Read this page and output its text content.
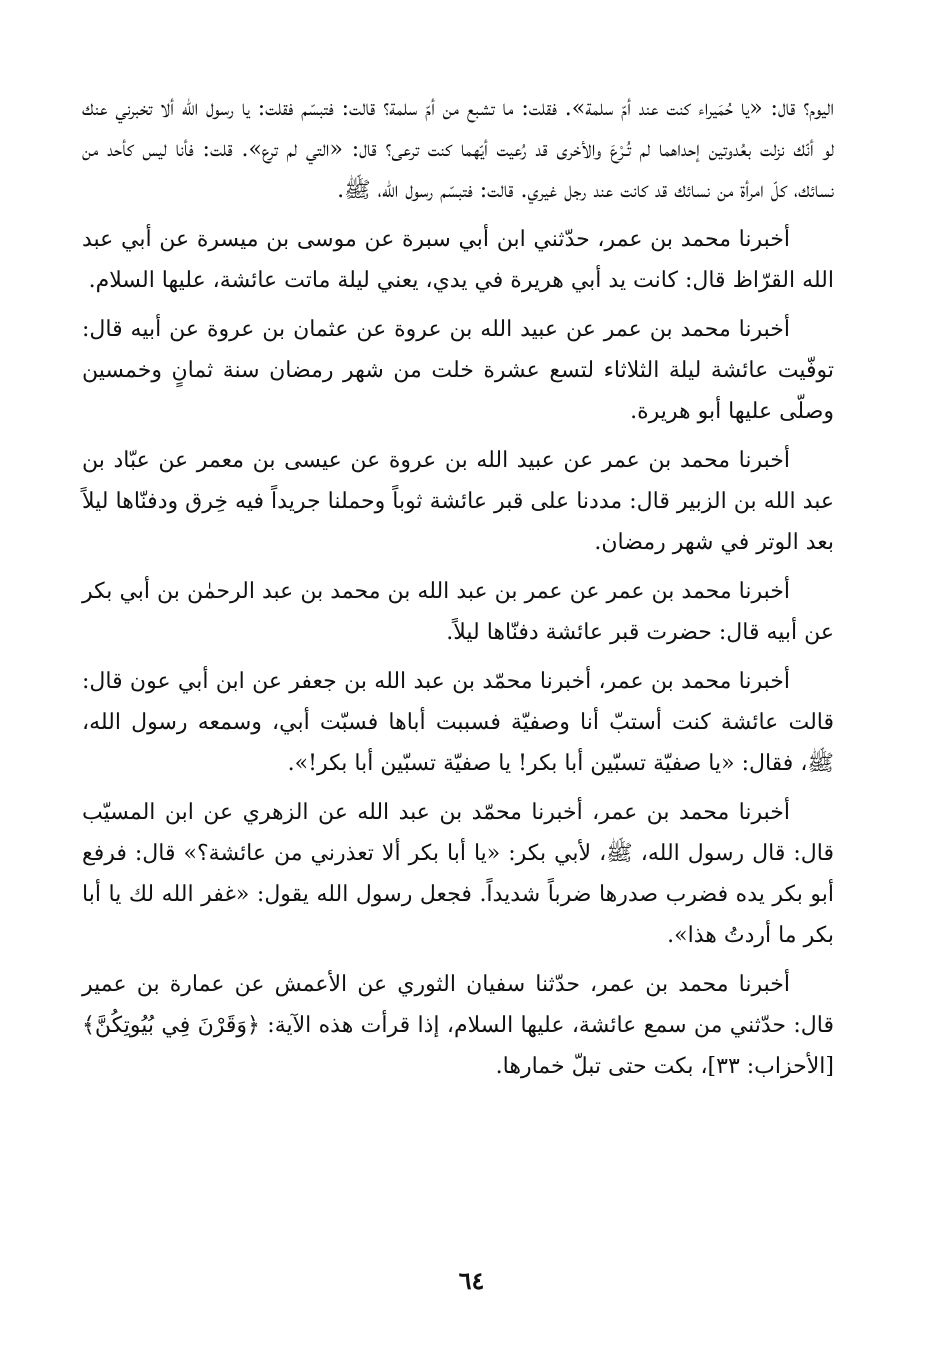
اليوم؟ قال: «يا حُمَيراء كنت عند أمّ سلمة». فقلت: ما تشبع من أمّ سلمة؟ قالت: فتبسّم فقلت: يا رسول الله ألا تخبرني عنك لو أنّك نزلت بعُدوتين إحداهما لم تُـرْعَ والأخرى قد رُعيت أيّهما كنت ترعى؟ قال: «التي لم ترع». قلت: فأنا ليس كأحد من نسائك، كلّ امرأة من نسائك قد كانت عند رجل غيري. قالت: فتبسّم رسول الله، ﷺ.

أخبرنا محمد بن عمر، حدّثني ابن أبي سبرة عن موسى بن ميسرة عن أبي عبد الله القرّاظ قال: كانت يد أبي هريرة في يدي، يعني ليلة ماتت عائشة، عليها السلام.

أخبرنا محمد بن عمر عن عبيد الله بن عروة عن عثمان بن عروة عن أبيه قال: توفّيت عائشة ليلة الثلاثاء لتسع عشرة خلت من شهر رمضان سنة ثمانٍ وخمسين وصلّى عليها أبو هريرة.

أخبرنا محمد بن عمر عن عبيد الله بن عروة عن عيسى بن معمر عن عبّاد بن عبد الله بن الزبير قال: مددنا على قبر عائشة ثوباً وحملنا جريداً فيه خِرق ودفنّاها ليلاً بعد الوتر في شهر رمضان.

أخبرنا محمد بن عمر عن عمر بن عبد الله بن محمد بن عبد الرحمٰن بن أبي بكر عن أبيه قال: حضرت قبر عائشة دفنّاها ليلاً.

أخبرنا محمد بن عمر، أخبرنا محمّد بن عبد الله بن جعفر عن ابن أبي عون قال: قالت عائشة كنت أستبّ أنا وصفيّة فسببت أباها فسبّت أبي، وسمعه رسول الله، ﷺ، فقال: «يا صفيّة تسبّين أبا بكر! يا صفيّة تسبّين أبا بكر!».

أخبرنا محمد بن عمر، أخبرنا محمّد بن عبد الله عن الزهري عن ابن المسيّب قال: قال رسول الله، ﷺ، لأبي بكر: «يا أبا بكر ألا تعذرني من عائشة؟» قال: فرفع أبو بكر يده فضرب صدرها ضرباً شديداً. فجعل رسول الله يقول: «غفر الله لك يا أبا بكر ما أردتُ هذا».

أخبرنا محمد بن عمر، حدّثنا سفيان الثوري عن الأعمش عن عمارة بن عمير قال: حدّثني من سمع عائشة، عليها السلام، إذا قرأت هذه الآية: ﴿وَقَرْنَ فِي بُيُوتِكُنَّ﴾[الأحزاب: ٣٣]، بكت حتى تبلّ خمارها.

٦٤
